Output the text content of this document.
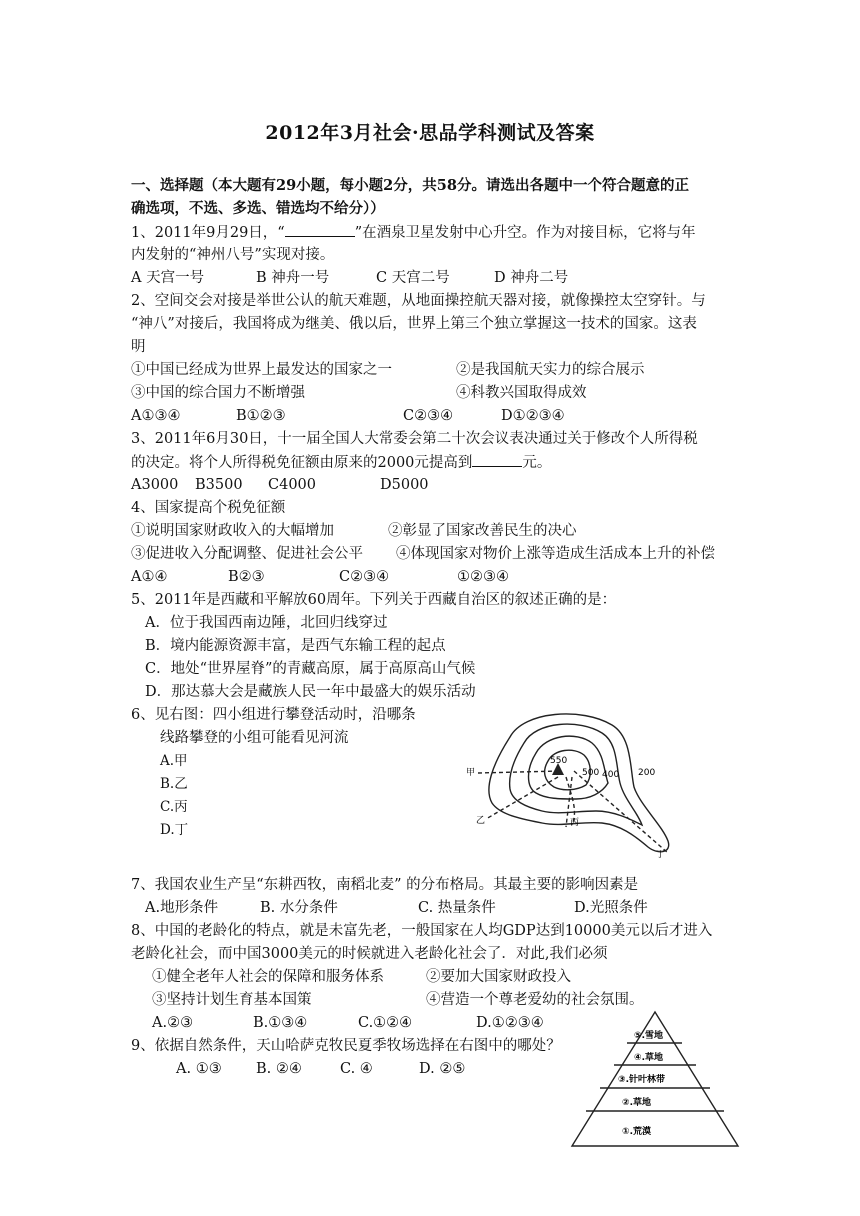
2012年3月社会·思品学科测试及答案
一、选择题（本大题有29小题，每小题2分，共58分。请选出各题中一个符合题意的正
确选项，不选、多选、错选均不给分））
1、2011年9月29日，“	”在酒泉卫星发射中心升空。作为对接目标，它将与年
内发射的“神州八号”实现对接。
A 天宫一号	B 神舟一号	C 天宫二号	D 神舟二号
2、空间交会对接是举世公认的航天难题，从地面操控航天器对接，就像操控太空穿针。与
“神八”对接后，我国将成为继美、俄以后，世界上第三个独立掌握这一技术的国家。这表
明
①中国已经成为世界上最发达的国家之一	②是我国航天实力的综合展示
③中国的综合国力不断增强	④科教兴国取得成效
A①③④	B①②③	C②③④	D①②③④
3、2011年6月30日，十一届全国人大常委会第二十次会议表决通过关于修改个人所得税
的决定。将个人所得税免征额由原来的2000元提高到	元。
A3000 B3500 C4000	D5000
4、国家提高个税免征额
①说明国家财政收入的大幅增加	②彰显了国家改善民生的决心
③促进收入分配调整、促进社会公平 ④体现国家对物价上涨等造成生活成本上升的补偿
A①④	B②③	C②③④	①②③④
5、2011年是西藏和平解放60周年。下列关于西藏自治区的叙述正确的是：
A．位于我国西南边陲，北回归线穿过
B．境内能源资源丰富，是西气东输工程的起点
C．地处“世界屋脊”的青藏高原，属于高原高山气候
D．那达慕大会是藏族人民一年中最盛大的娱乐活动
6、见右图：四小组进行攀登活动时，沿哪条
线路攀登的小组可能看见河流
A.甲
B.乙
C.丙
D.丁
550
500 400 200
甲
乙	丙
丁
7、我国农业生产呈“东耕西牧，南稻北麦” 的分布格局。其最主要的影响因素是
A.地形条件	B. 水分条件	C. 热量条件	D.光照条件
8、中国的老龄化的特点，就是未富先老，一般国家在人均GDP达到10000美元以后才进入
老龄化社会，而中国3000美元的时候就进入老龄化社会了．对此,我们必须
①健全老年人社会的保障和服务体系	②要加大国家财政投入
③坚持计划生育基本国策	④营造一个尊老爱幼的社会氛围。
A.②③	B.①③④	C.①②④	D.①②③④
9、依据自然条件，天山哈萨克牧民夏季牧场选择在右图中的哪处？
A. ①③ B. ②④	C. ④	D. ②⑤
⑤.雪地
④.草地
③.针叶林带
②.草地
①.荒漠
